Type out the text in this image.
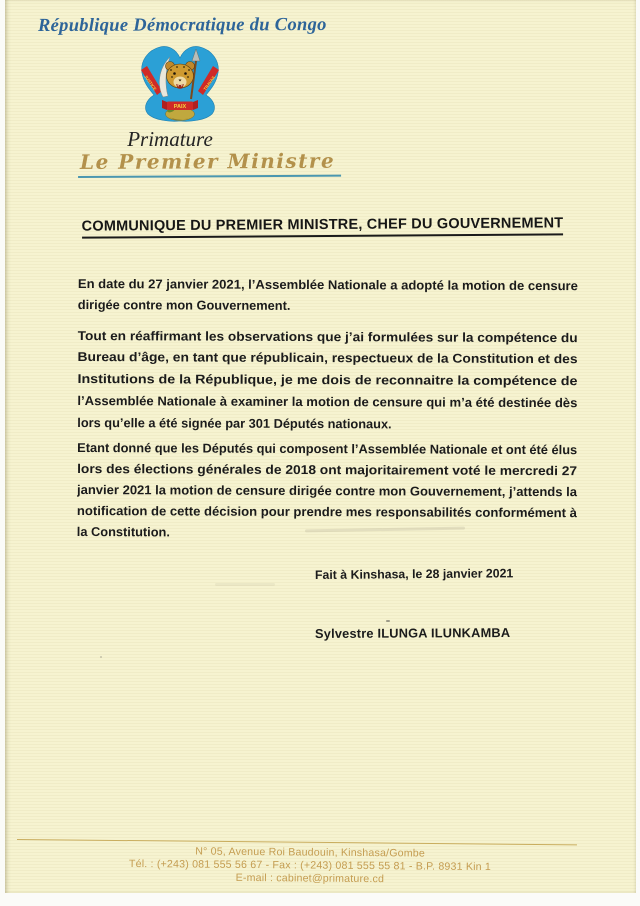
République Démocratique du Congo
JUSTICE	TRAVAIL
PAIX
Primature
Le Premier Ministre
COMMUNIQUE DU PREMIER MINISTRE, CHEF DU GOUVERNEMENT
En date du 27 janvier 2021, l’Assemblée Nationale a adopté la motion de censure
dirigée contre mon Gouvernement.
Tout en réaffirmant les observations que j’ai formulées sur la compétence du
Bureau d’âge, en tant que républicain, respectueux de la Constitution et des
Institutions de la République, je me dois de reconnaitre la compétence de
l’Assemblée Nationale à examiner la motion de censure qui m’a été destinée dès
lors qu’elle a été signée par 301 Députés nationaux.
Etant donné que les Députés qui composent l’Assemblée Nationale et ont été élus
lors des élections générales de 2018 ont majoritairement voté le mercredi 27
janvier 2021 la motion de censure dirigée contre mon Gouvernement, j’attends la
notification de cette décision pour prendre mes responsabilités conformément à
la Constitution.
Fait à Kinshasa, le 28 janvier 2021
Sylvestre ILUNGA ILUNKAMBA
N° 05, Avenue Roi Baudouin, Kinshasa/Gombe
Tél. : (+243) 081 555 56 67 - Fax : (+243) 081 555 55 81 - B.P. 8931 Kin 1
E-mail : cabinet@primature.cd
